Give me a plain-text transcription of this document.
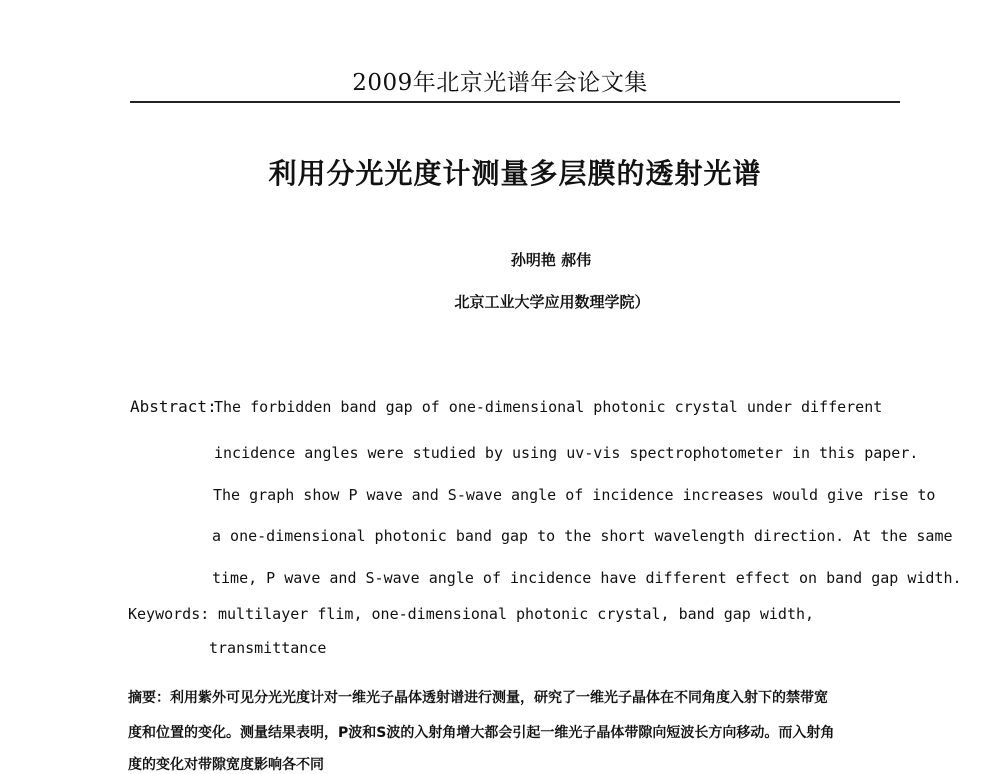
2009年北京光谱年会论文集
利用分光光度计测量多层膜的透射光谱
孙明艳 郝伟
北京工业大学应用数理学院）
Abstract:
The forbidden band gap of one-dimensional photonic crystal under different
incidence angles were studied by using uv-vis spectrophotometer in this paper.
The graph show P wave and S-wave angle of incidence increases would give rise to
a one-dimensional photonic band gap to the short wavelength direction. At the same
time, P wave and S-wave angle of incidence have different effect on band gap width.
Keywords: multilayer flim, one-dimensional photonic crystal, band gap width,
transmittance
摘要：利用紫外可见分光光度计对一维光子晶体透射谱进行测量，研究了一维光子晶体在不同角度入射下的禁带宽
度和位置的变化。测量结果表明，P波和S波的入射角增大都会引起一维光子晶体带隙向短波长方向移动。而入射角
度的变化对带隙宽度影响各不同
